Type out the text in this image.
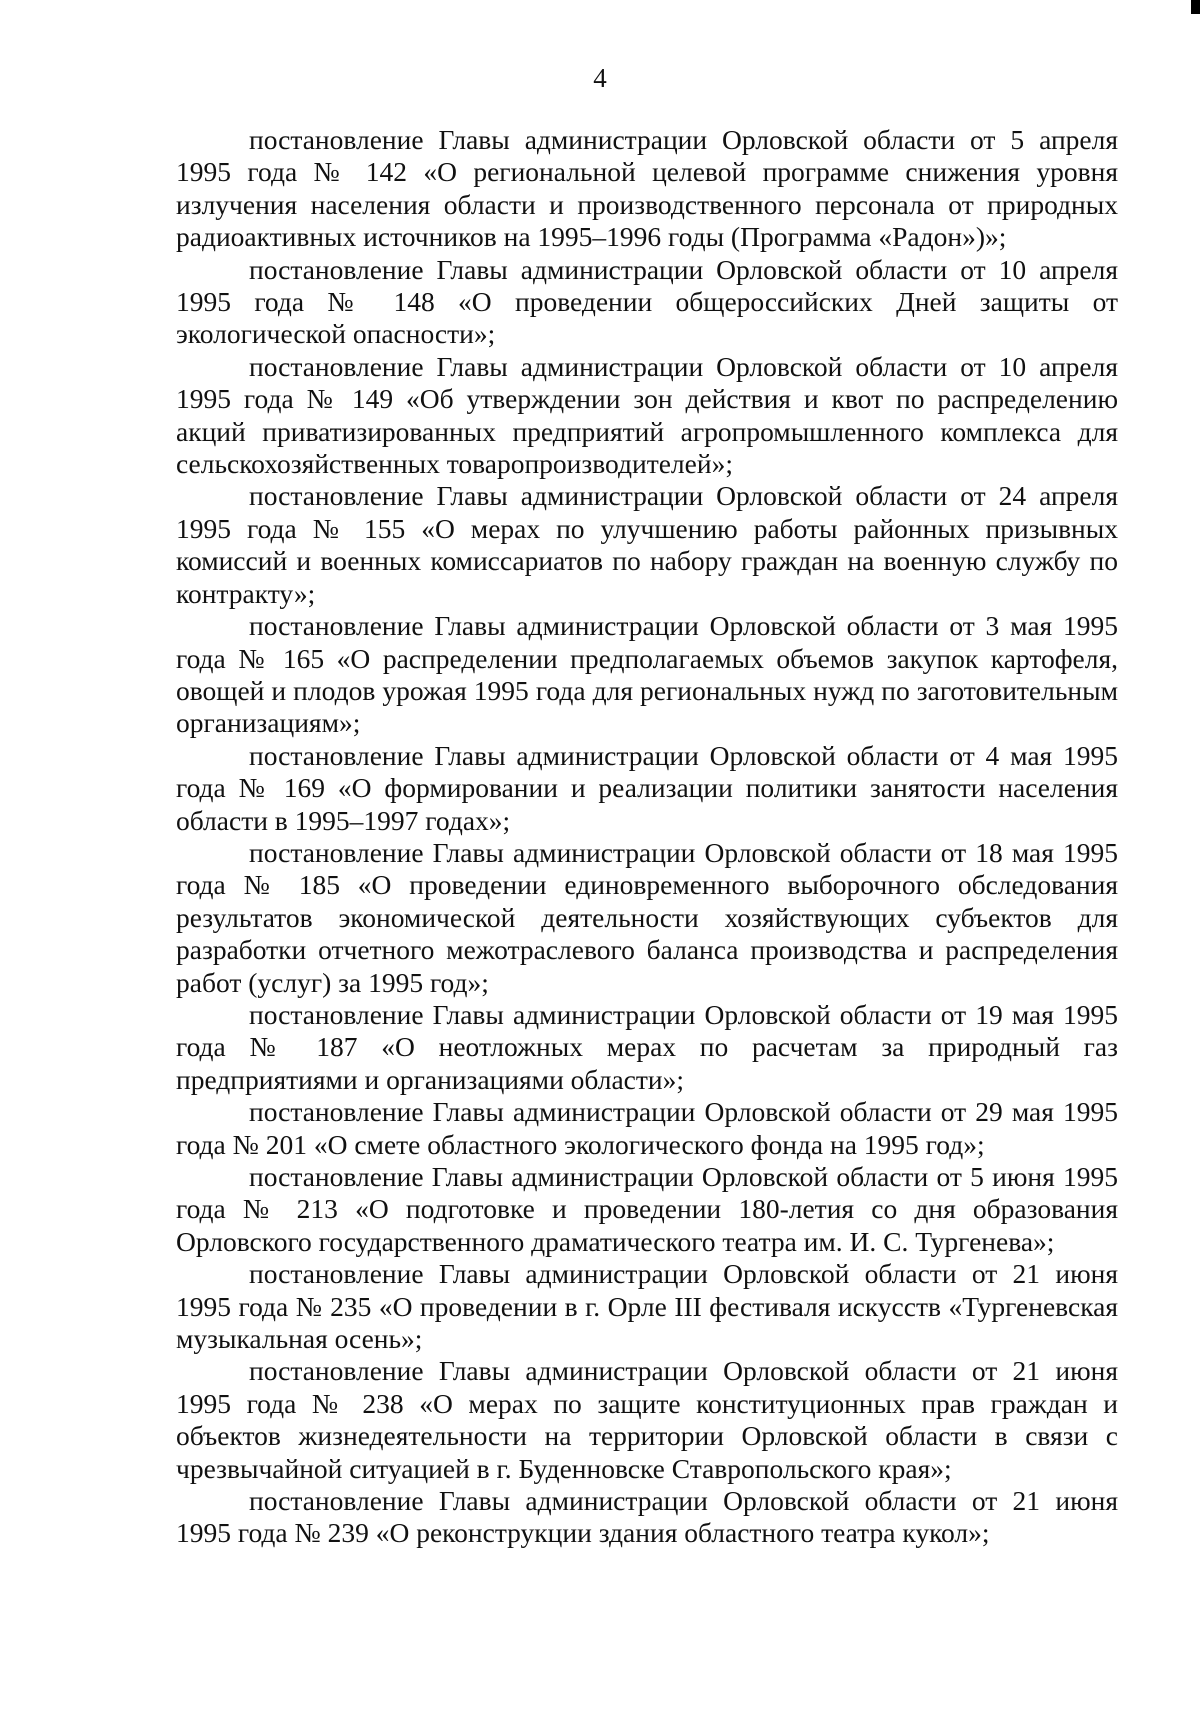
4

постановление Главы администрации Орловской области от 5 апреля 1995 года № 142 «О региональной целевой программе снижения уровня излучения населения области и производственного персонала от природных радиоактивных источников на 1995–1996 годы (Программа «Радон»)»;

постановление Главы администрации Орловской области от 10 апреля 1995 года № 148 «О проведении общероссийских Дней защиты от экологической опасности»;

постановление Главы администрации Орловской области от 10 апреля 1995 года № 149 «Об утверждении зон действия и квот по распределению акций приватизированных предприятий агропромышленного комплекса для сельскохозяйственных товаропроизводителей»;

постановление Главы администрации Орловской области от 24 апреля 1995 года № 155 «О мерах по улучшению работы районных призывных комиссий и военных комиссариатов по набору граждан на военную службу по контракту»;

постановление Главы администрации Орловской области от 3 мая 1995 года № 165 «О распределении предполагаемых объемов закупок картофеля, овощей и плодов урожая 1995 года для региональных нужд по заготовительным организациям»;

постановление Главы администрации Орловской области от 4 мая 1995 года № 169 «О формировании и реализации политики занятости населения области в 1995–1997 годах»;

постановление Главы администрации Орловской области от 18 мая 1995 года № 185 «О проведении единовременного выборочного обследования результатов экономической деятельности хозяйствующих субъектов для разработки отчетного межотраслевого баланса производства и распределения работ (услуг) за 1995 год»;

постановление Главы администрации Орловской области от 19 мая 1995 года № 187 «О неотложных мерах по расчетам за природный газ предприятиями и организациями области»;

постановление Главы администрации Орловской области от 29 мая 1995 года № 201 «О смете областного экологического фонда на 1995 год»;

постановление Главы администрации Орловской области от 5 июня 1995 года № 213 «О подготовке и проведении 180-летия со дня образования Орловского государственного драматического театра им. И. С. Тургенева»;

постановление Главы администрации Орловской области от 21 июня 1995 года № 235 «О проведении в г. Орле III фестиваля искусств «Тургеневская музыкальная осень»;

постановление Главы администрации Орловской области от 21 июня 1995 года № 238 «О мерах по защите конституционных прав граждан и объектов жизнедеятельности на территории Орловской области в связи с чрезвычайной ситуацией в г. Буденновске Ставропольского края»;

постановление Главы администрации Орловской области от 21 июня 1995 года № 239 «О реконструкции здания областного театра кукол»;
